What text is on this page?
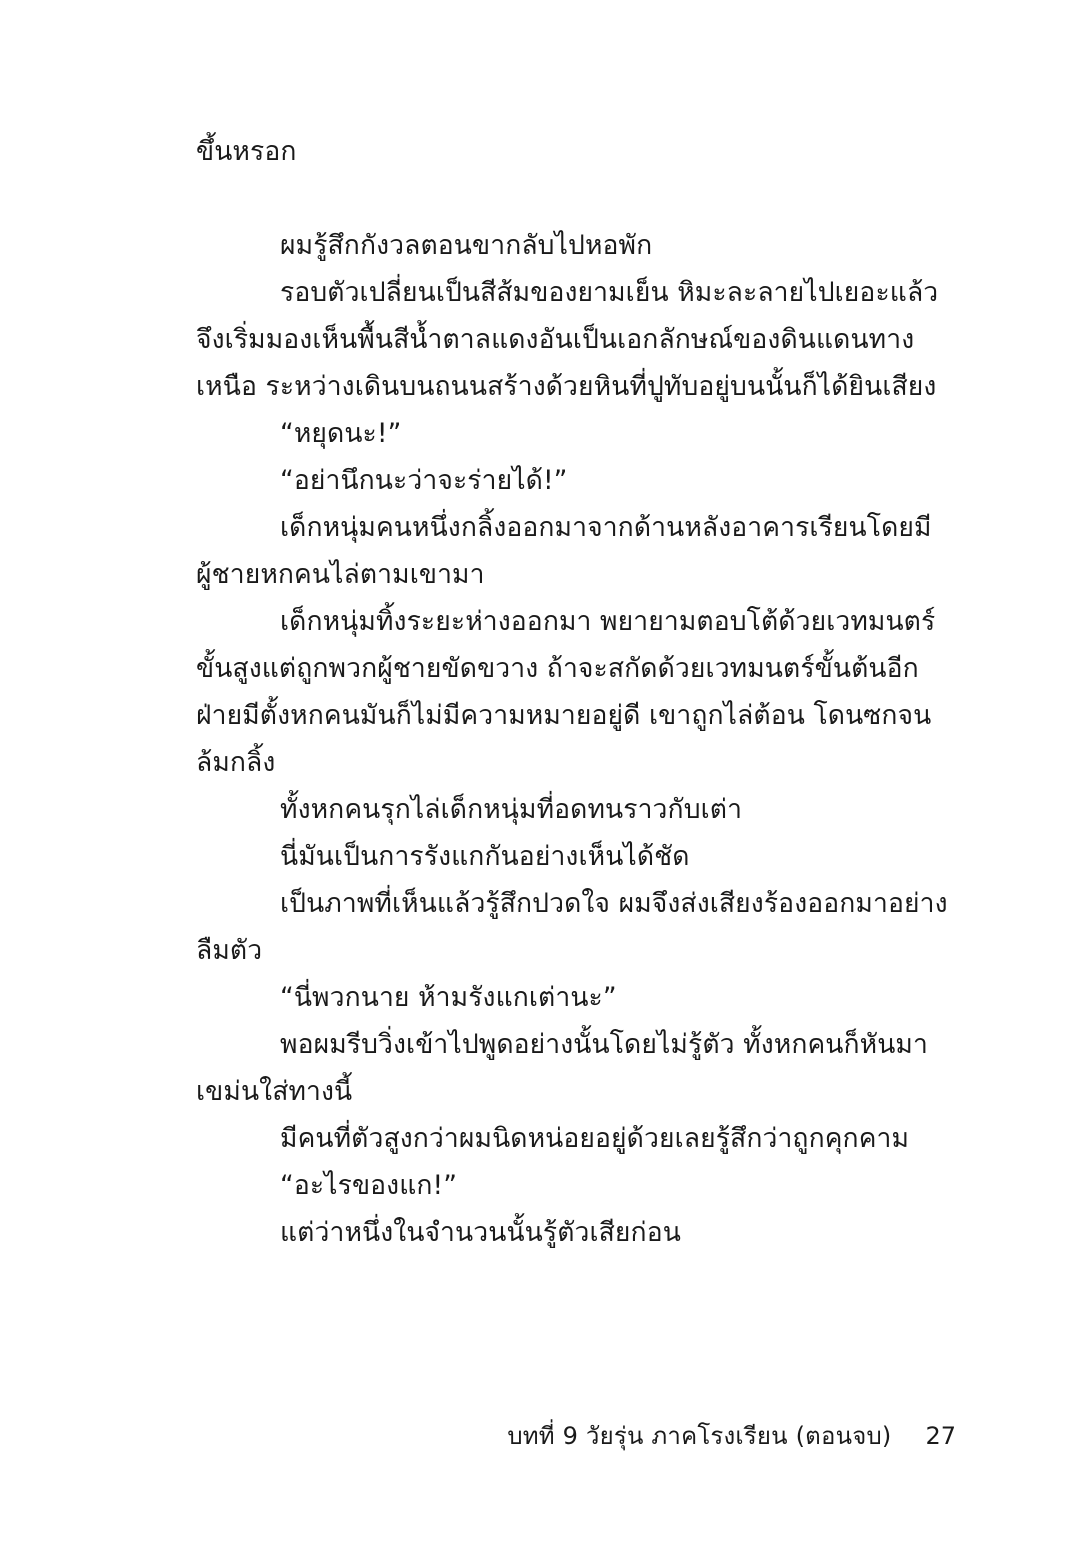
ขึ้นหรอก

ผมรู้สึกกังวลตอนขากลับไปหอพัก

รอบตัวเปลี่ยนเป็นสีส้มของยามเย็น หิมะละลายไปเยอะแล้วจึงเริ่มมองเห็นพื้นสีน้ำตาลแดงอันเป็นเอกลักษณ์ของดินแดนทางเหนือ ระหว่างเดินบนถนนสร้างด้วยหินที่ปูทับอยู่บนนั้นก็ได้ยินเสียง

“หยุดนะ!”

“อย่านึกนะว่าจะร่ายได้!”

เด็กหนุ่มคนหนึ่งกลิ้งออกมาจากด้านหลังอาคารเรียนโดยมีผู้ชายหกคนไล่ตามเขามา

เด็กหนุ่มทิ้งระยะห่างออกมา พยายามตอบโต้ด้วยเวทมนตร์ขั้นสูงแต่ถูกพวกผู้ชายขัดขวาง ถ้าจะสกัดด้วยเวทมนตร์ขั้นต้นอีกฝ่ายมีตั้งหกคนมันก็ไม่มีความหมายอยู่ดี เขาถูกไล่ต้อน โดนซกจนล้มกลิ้ง

ทั้งหกคนรุกไล่เด็กหนุ่มที่อดทนราวกับเต่า

นี่มันเป็นการรังแกกันอย่างเห็นได้ชัด

เป็นภาพที่เห็นแล้วรู้สึกปวดใจ ผมจึงส่งเสียงร้องออกมาอย่างลืมตัว

“นี่พวกนาย ห้ามรังแกเต่านะ”

พอผมรีบวิ่งเข้าไปพูดอย่างนั้นโดยไม่รู้ตัว ทั้งหกคนก็หันมาเขม่นใส่ทางนี้

มีคนที่ตัวสูงกว่าผมนิดหน่อยอยู่ด้วยเลยรู้สึกว่าถูกคุกคาม

“อะไรของแก!”

แต่ว่าหนึ่งในจำนวนนั้นรู้ตัวเสียก่อน

บทที่ 9 วัยรุ่น ภาคโรงเรียน (ตอนจบ) 27
